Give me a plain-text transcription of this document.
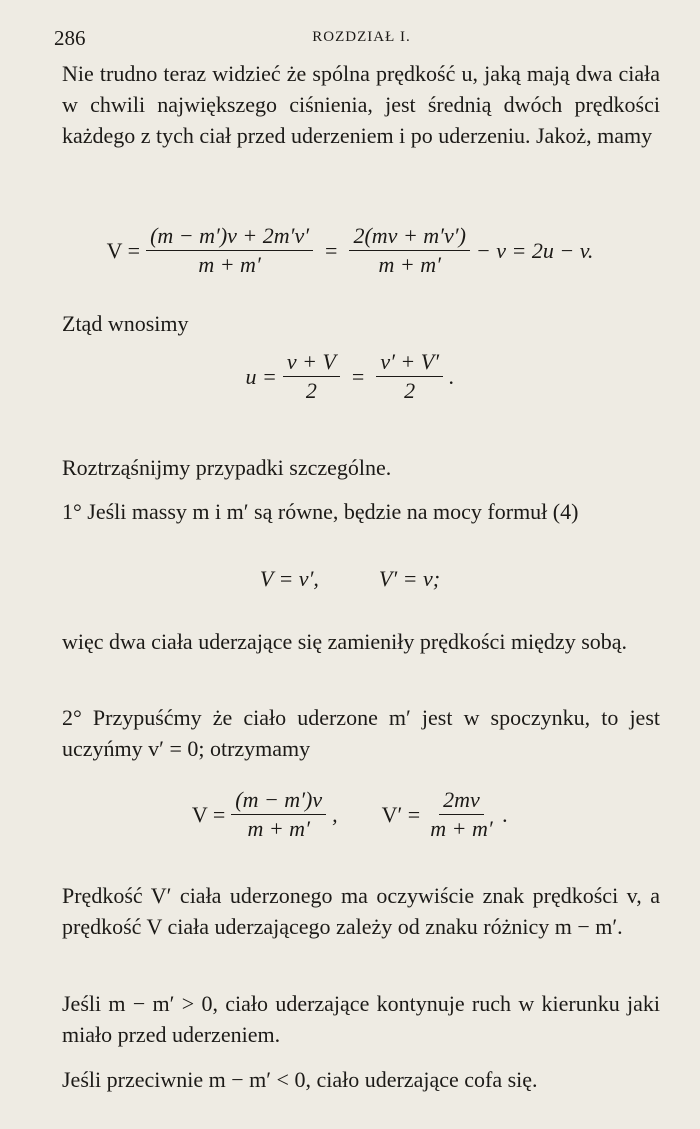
286	ROZDZIAŁ I.

Nie trudno teraz widzieć że spólna prędkość u, jaką mają dwa ciała w chwili największego ciśnienia, jest średnią dwóch prędkości każdego z tych ciał przed uderzeniem i po uderzeniu. Jakoż, mamy

$V = \frac{(m - m')v + 2m'v'}{m + m'} = \frac{2(mv + m'v')}{m + m'} - v = 2u - v$.

Ztąd wnosimy

$u = \frac{v + V}{2} = \frac{v' + V'}{2}$ .

Roztrząśnijmy przypadki szczególne.

1° Jeśli massy m i m′ są równe, będzie na mocy formuł (4)

V = v′,	V′ = v;

więc dwa ciała uderzające się zamieniły prędkości między sobą.

2° Przypuśćmy że ciało uderzone m′ jest w spoczynku, to jest uczyńmy v′ = 0; otrzymamy

$V = \frac{(m - m')v}{m + m'}$ , $V' = \frac{2mv}{m + m'}$ .

Prędkość V′ ciała uderzonego ma oczywiście znak prędkości v, a prędkość V ciała uderzającego zależy od znaku różnicy m − m′.

Jeśli m − m′ > 0, ciało uderzające kontynuje ruch w kierunku jaki miało przed uderzeniem.

Jeśli przeciwnie m − m′ < 0, ciało uderzające cofa się.
